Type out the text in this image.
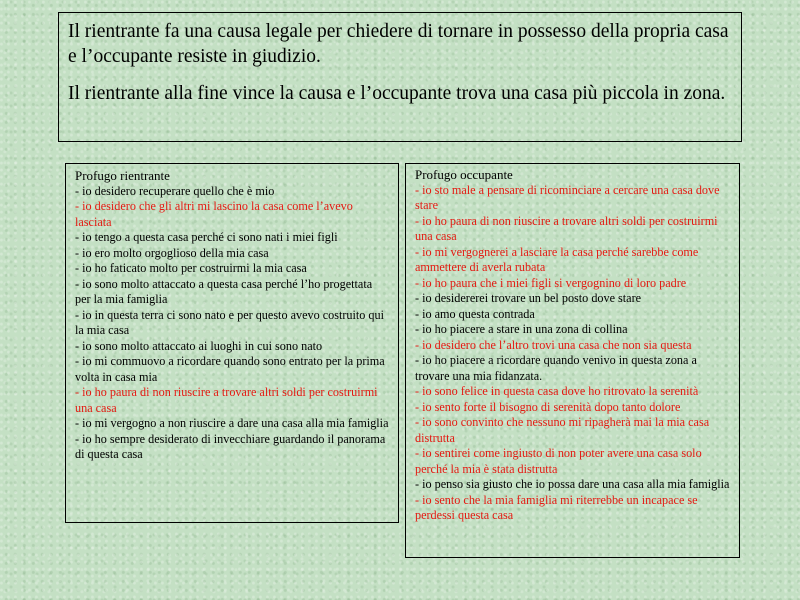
Il rientrante fa una causa legale per chiedere di tornare in possesso della propria casa e l’occupante resiste in giudizio.

Il rientrante alla fine vince la causa e l’occupante trova una casa più piccola in zona.

Profugo rientrante
- io desidero recuperare quello che è mio
- io desidero che gli altri mi lascino la casa come l’avevo lasciata
- io tengo a questa casa perché ci sono nati i miei figli
- io ero molto orgoglioso della mia casa
- io ho faticato molto per costruirmi la mia casa
- io sono molto attaccato a questa casa perché l’ho progettata per la mia famiglia
- io in questa terra ci sono nato e per questo avevo costruito qui la mia casa
- io sono molto attaccato ai luoghi in cui sono nato
- io mi commuovo a ricordare quando sono entrato per la prima volta in casa mia
- io ho paura di non riuscire a trovare altri soldi per costruirmi una casa
- io mi vergogno a non riuscire a dare una casa alla mia famiglia
- io ho sempre desiderato di invecchiare guardando il panorama di questa casa
Profugo occupante
- io sto male a pensare di ricominciare a cercare una casa dove stare
- io ho paura di non riuscire a trovare altri soldi per costruirmi una casa
- io mi vergognerei a lasciare la casa perché sarebbe come ammettere di averla rubata
- io ho paura che i miei figli si vergognino di loro padre
- io desidererei trovare un bel posto dove stare
- io amo questa contrada
- io ho piacere a stare in una zona di collina
- io desidero che l’altro trovi una casa che non sia questa
- io ho piacere a ricordare quando venivo in questa zona a trovare una mia fidanzata.
- io sono felice in questa casa dove ho ritrovato la serenità
- io sento forte il bisogno di serenità dopo tanto dolore
- io sono convinto che nessuno mi ripagherà mai la mia casa distrutta
- io sentirei come ingiusto di non poter avere una casa solo perché la mia è stata distrutta
- io penso sia giusto che io possa dare una casa alla mia famiglia
- io sento che la mia famiglia mi riterrebbe un incapace se perdessi questa casa
